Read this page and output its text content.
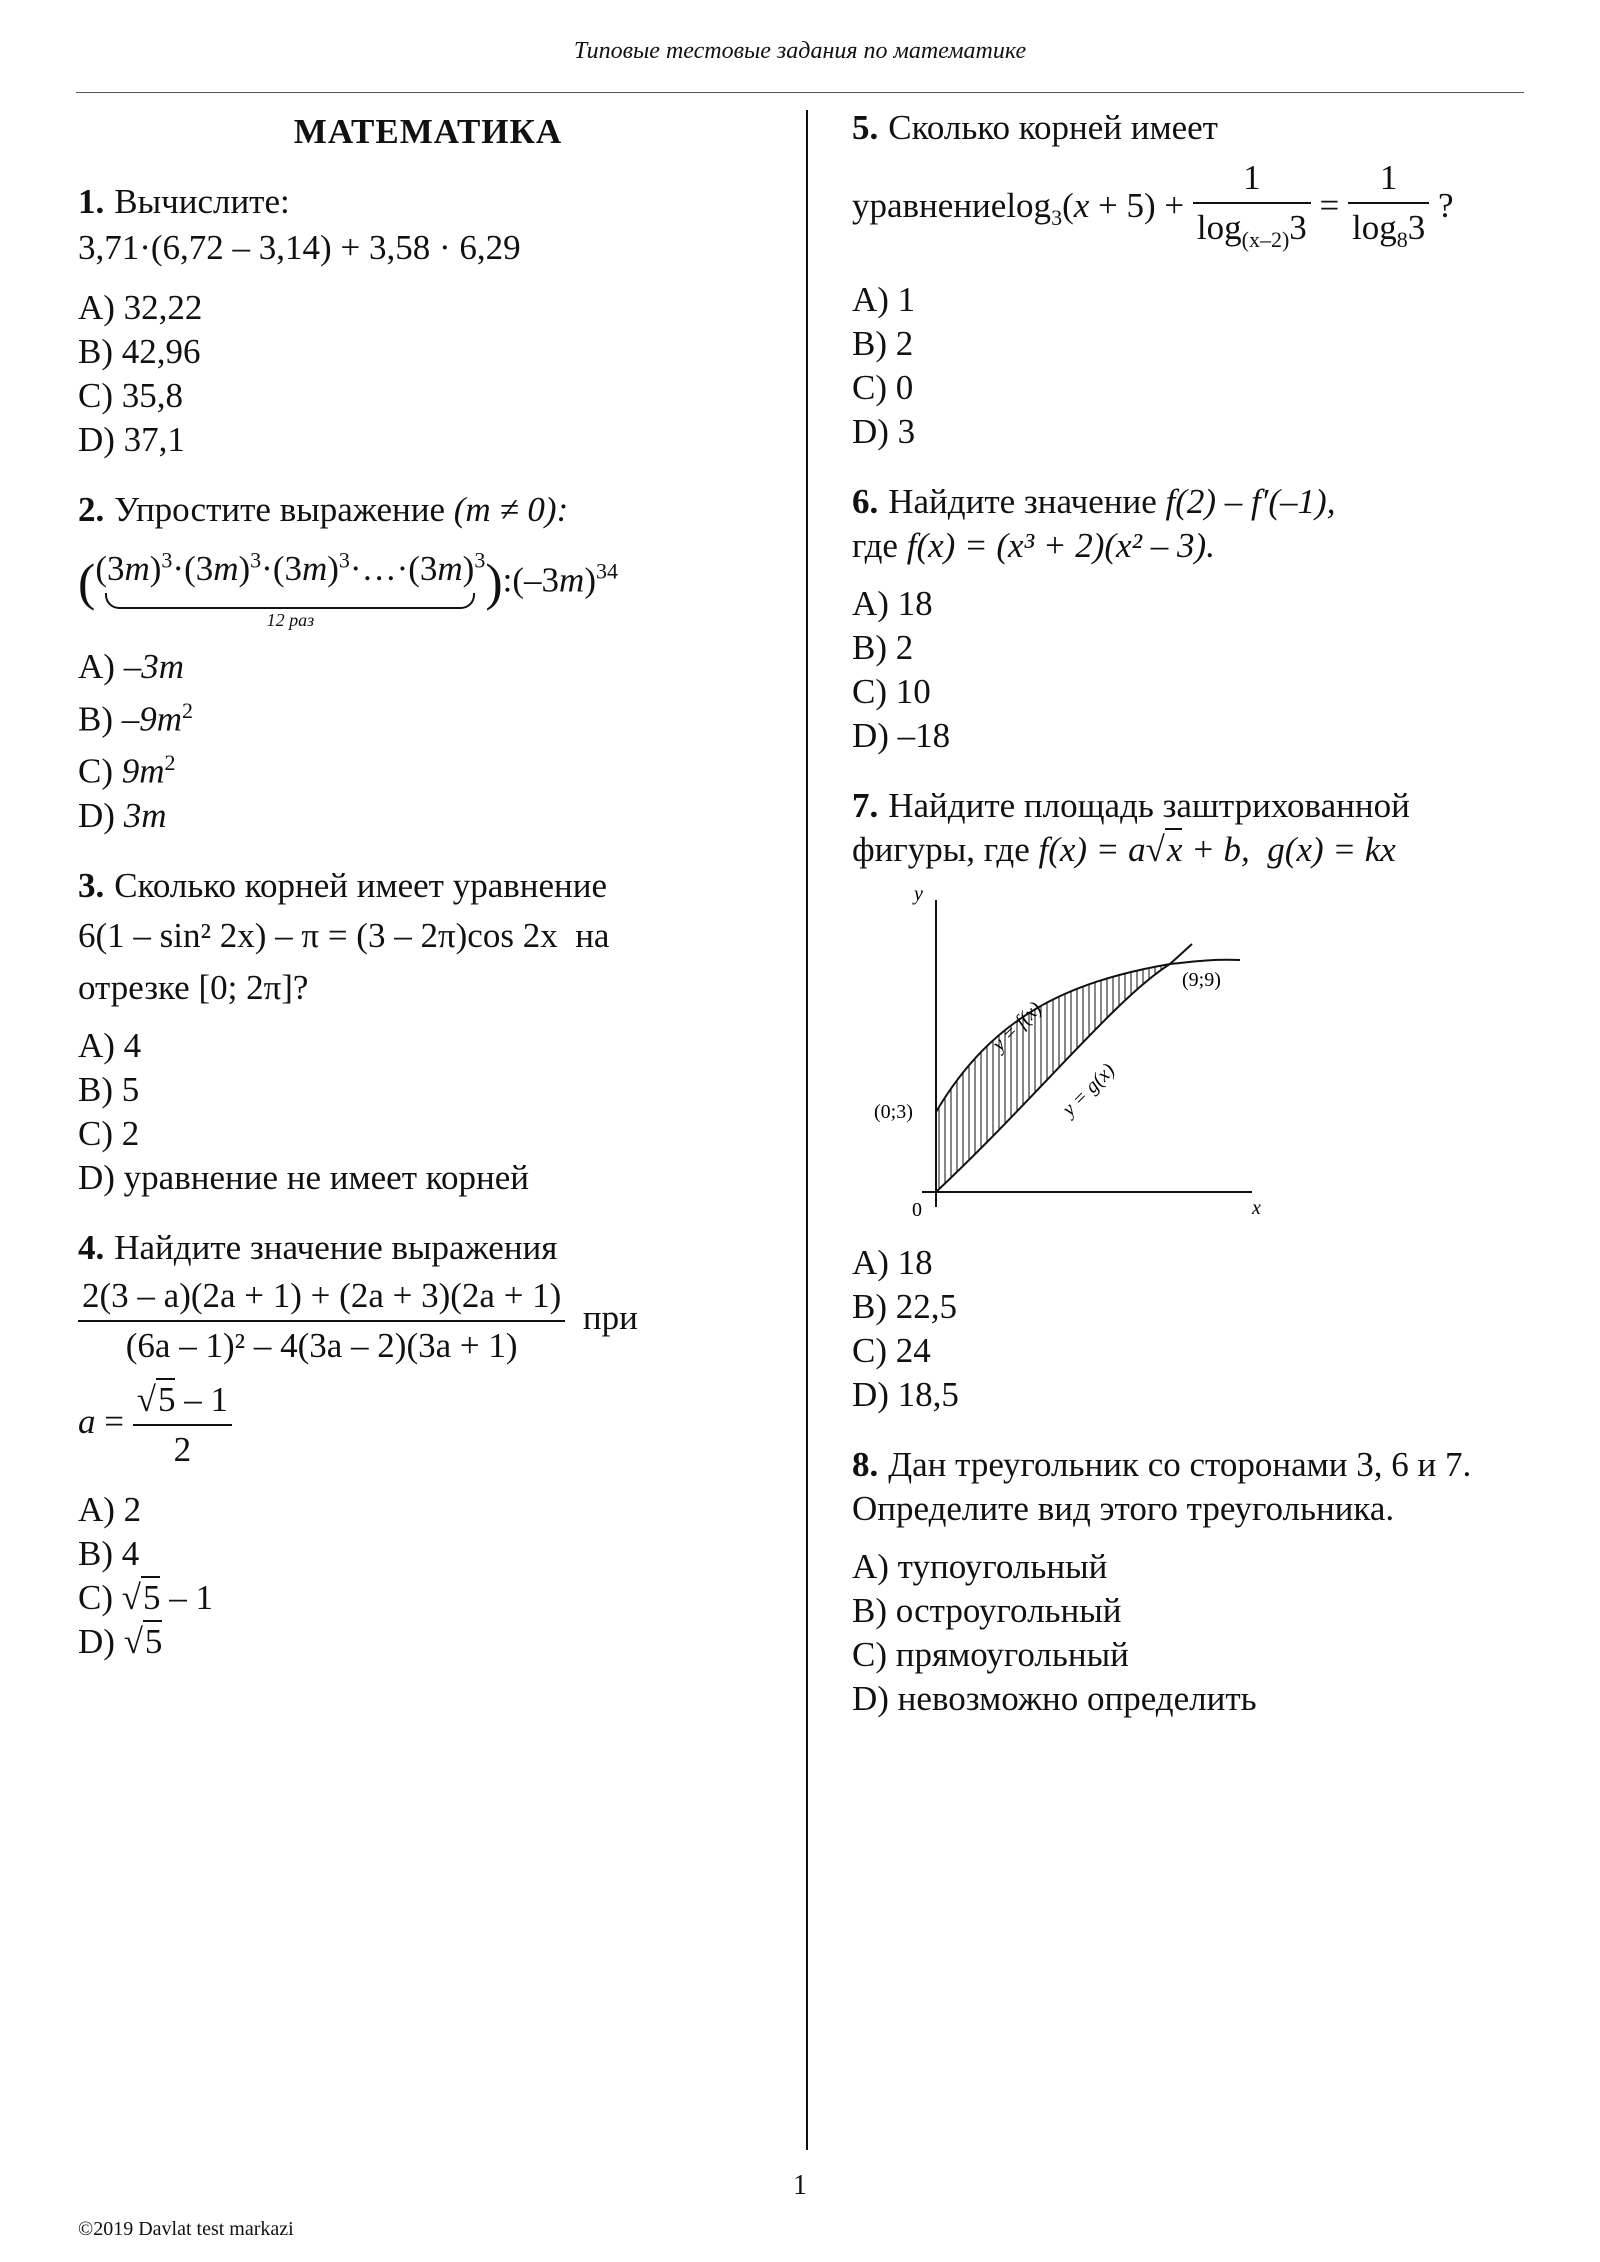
Типовые тестовые задания по математике

МАТЕМАТИКА

1. Вычислите:

3,71·(6,72 – 3,14) + 3,58 · 6,29

A) 32,22

B) 42,96

C) 35,8

D) 37,1

2. Упростите выражение (m ≠ 0):

($(3m)^3\cdot(3m)^3\cdot(3m)^3\cdot\dots\cdot(3m)^3$
12 раз
)$:(-3m)^{34}$

A) –3m

B) $-9m^2$

C) $9m^2$

D) 3m

3. Сколько корней имеет уравнение

6(1 – sin² 2x) – π = (3 – 2π)cos 2x на

отрезке [0; 2π]?

A) 4

B) 5

C) 2

D) уравнение не имеет корней

4. Найдите значение выражения

$\frac{2(3 - a)(2a + 1) + (2a + 3)(2a + 1)}{\text{(6a – 1)² – 4(3a – 2)(3a + 1)}}$ при
$a = \frac{√5 - 1}{2}$

A) 2

B) 4

C) √5 – 1

D) √5

5. Сколько корней имеет

уравнениеlog$_3$(x + $5) + \frac{1}{\log_{(x-2)}3} = \frac{1}{\log_83}$ ?

A) 1

B) 2

C) 0

D) 3

6. Найдите значение f(2) – f′(–1),

где f(x) = (x³ + 2)(x² – 3).

A) 18

B) 2

C) 10

D) –18

7. Найдите площадь заштрихованной

фигуры, где f(x) = a√x + b,  g(x) = kx

y
x
0
(0;3)
(9;9)
y = f(x)
y = g(x)

A) 18

B) 22,5

C) 24

D) 18,5

8. Дан треугольник со сторонами 3, 6 и 7. Определите вид этого треугольника.

A) тупоугольный

B) остроугольный

C) прямоугольный

D) невозможно определить

1
©2019 Davlat test markazi
